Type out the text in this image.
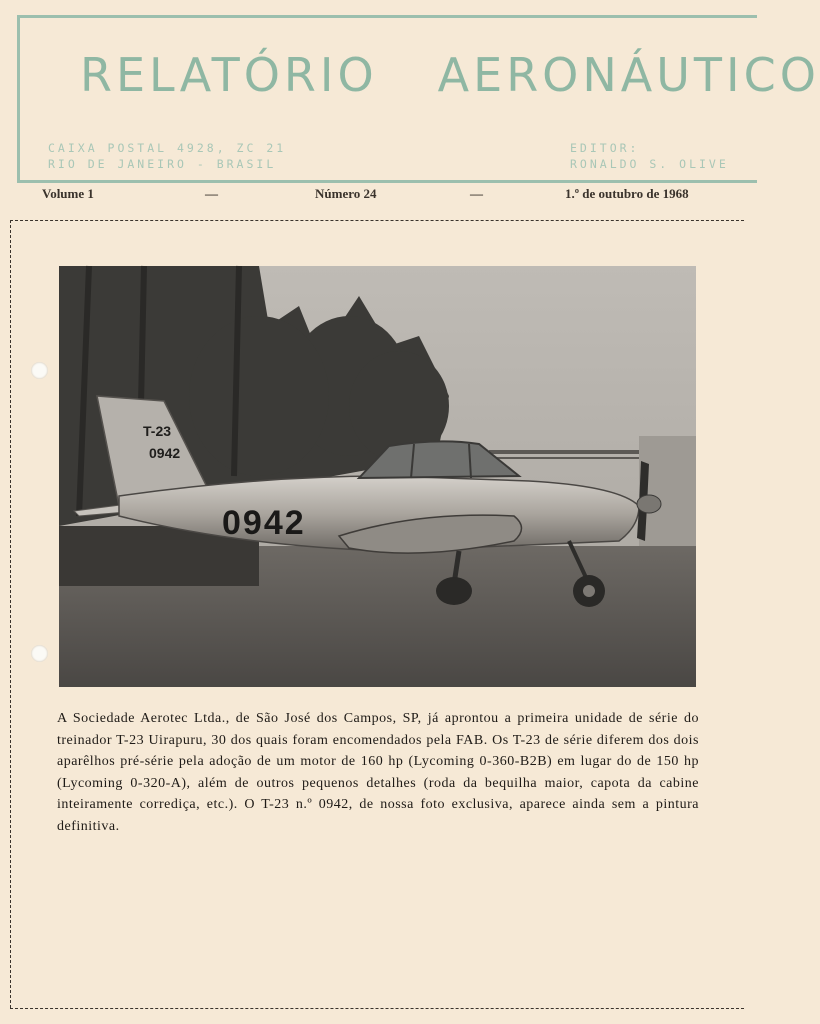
RELATÓRIO AERONÁUTICO
CAIXA POSTAL 4928, ZC 21
RIO DE JANEIRO - BRASIL
EDITOR:
RONALDO S. OLIVE
Volume 1	—	Número 24	—	1.º de outubro de 1968
T-23
0942
0942
A Sociedade Aerotec Ltda., de São José dos Campos, SP, já aprontou a primeira unidade de série do treinador T-23 Uirapuru, 30 dos quais foram encomendados pela FAB. Os T-23 de série diferem dos dois aparêlhos pré-série pela adoção de um motor de 160 hp (Lycoming 0-360-B2B) em lugar do de 150 hp (Lycoming 0-320-A), além de outros pequenos detalhes (roda da bequilha maior, capota da cabine inteiramente corrediça, etc.). O T-23 n.º 0942, de nossa foto exclusiva, aparece ainda sem a pintura definitiva.
